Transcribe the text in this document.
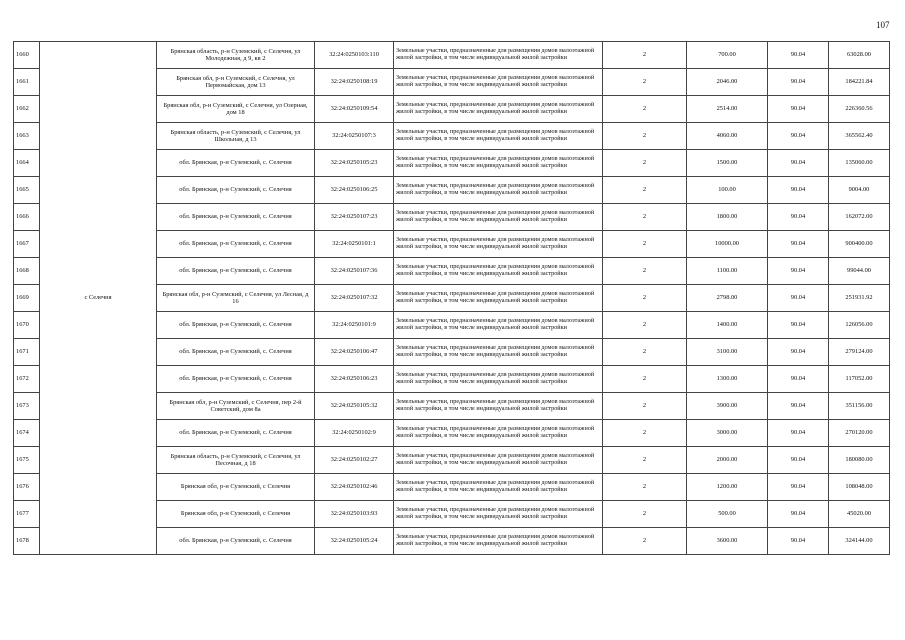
107
1660	с Селечня	Брянская область, р-н Суземский, с Селечня, ул Молодежная, д 9, кв 2	32:24:0250103:110	Земельные участки, предназначенные для размещения домов малоэтажной жилой застройки, в том числе индивидуальной жилой застройки	2	700.00	90.04	63028.00
1661		Брянская обл, р-н Суземский, с Селечня, ул Первомайская, дом 13	32:24:0250108:19	Земельные участки, предназначенные для размещения домов малоэтажной жилой застройки, в том числе индивидуальной жилой застройки	2	2046.00	90.04	184221.84
1662		Брянская обл, р-н Суземский, с Селечня, ул Озерная, дом 18	32:24:0250109:54	Земельные участки, предназначенные для размещения домов малоэтажной жилой застройки, в том числе индивидуальной жилой застройки	2	2514.00	90.04	226360.56
1663		Брянская область, р-н Суземский, с Селечня, ул Школьная, д 13	32:24:0250107:3	Земельные участки, предназначенные для размещения домов малоэтажной жилой застройки, в том числе индивидуальной жилой застройки	2	4060.00	90.04	365562.40
1664		обл. Брянская, р-н Суземский, с. Селечня	32:24:0250105:23	Земельные участки, предназначенные для размещения домов малоэтажной жилой застройки, в том числе индивидуальной жилой застройки	2	1500.00	90.04	135060.00
1665		обл. Брянская, р-н Суземский, с. Селечня	32:24:0250106:25	Земельные участки, предназначенные для размещения домов малоэтажной жилой застройки, в том числе индивидуальной жилой застройки	2	100.00	90.04	9004.00
1666		обл. Брянская, р-н Суземский, с. Селечня	32:24:0250107:23	Земельные участки, предназначенные для размещения домов малоэтажной жилой застройки, в том числе индивидуальной жилой застройки	2	1800.00	90.04	162072.00
1667		обл. Брянская, р-н Суземский, с. Селечня	32:24:0250101:1	Земельные участки, предназначенные для размещения домов малоэтажной жилой застройки, в том числе индивидуальной жилой застройки	2	10000.00	90.04	900400.00
1668		обл. Брянская, р-н Суземский, с. Селечня	32:24:0250107:36	Земельные участки, предназначенные для размещения домов малоэтажной жилой застройки, в том числе индивидуальной жилой застройки	2	1100.00	90.04	99044.00
1669		Брянская обл, р-н Суземский, с Селечня, ул Лесная, д 16	32:24:0250107:32	Земельные участки, предназначенные для размещения домов малоэтажной жилой застройки, в том числе индивидуальной жилой застройки	2	2798.00	90.04	251931.92
1670		обл. Брянская, р-н Суземский, с. Селечня	32:24:0250101:9	Земельные участки, предназначенные для размещения домов малоэтажной жилой застройки, в том числе индивидуальной жилой застройки	2	1400.00	90.04	126056.00
1671		обл. Брянская, р-н Суземский, с. Селечня	32:24:0250106:47	Земельные участки, предназначенные для размещения домов малоэтажной жилой застройки, в том числе индивидуальной жилой застройки	2	3100.00	90.04	279124.00
1672		обл. Брянская, р-н Суземский, с. Селечня	32:24:0250106:23	Земельные участки, предназначенные для размещения домов малоэтажной жилой застройки, в том числе индивидуальной жилой застройки	2	1300.00	90.04	117052.00
1673		Брянская обл, р-н Суземский, с Селечня, пер 2-й Советский, дом 8а	32:24:0250105:32	Земельные участки, предназначенные для размещения домов малоэтажной жилой застройки, в том числе индивидуальной жилой застройки	2	3900.00	90.04	351156.00
1674		обл. Брянская, р-н Суземский, с. Селечня	32:24:0250102:9	Земельные участки, предназначенные для размещения домов малоэтажной жилой застройки, в том числе индивидуальной жилой застройки	2	3000.00	90.04	270120.00
1675		Брянская область, р-н Суземский, с Селечня, ул Песочная, д 18	32:24:0250102:27	Земельные участки, предназначенные для размещения домов малоэтажной жилой застройки, в том числе индивидуальной жилой застройки	2	2000.00	90.04	180080.00
1676		Брянская обл, р-н Суземский, с Селечня	32:24:0250102:46	Земельные участки, предназначенные для размещения домов малоэтажной жилой застройки, в том числе индивидуальной жилой застройки	2	1200.00	90.04	108048.00
1677		Брянская обл, р-н Суземский, с Селечня	32:24:0250103:93	Земельные участки, предназначенные для размещения домов малоэтажной жилой застройки, в том числе индивидуальной жилой застройки	2	500.00	90.04	45020.00
1678		обл. Брянская, р-н Суземский, с. Селечня	32:24:0250105:24	Земельные участки, предназначенные для размещения домов малоэтажной жилой застройки, в том числе индивидуальной жилой застройки	2	3600.00	90.04	324144.00
